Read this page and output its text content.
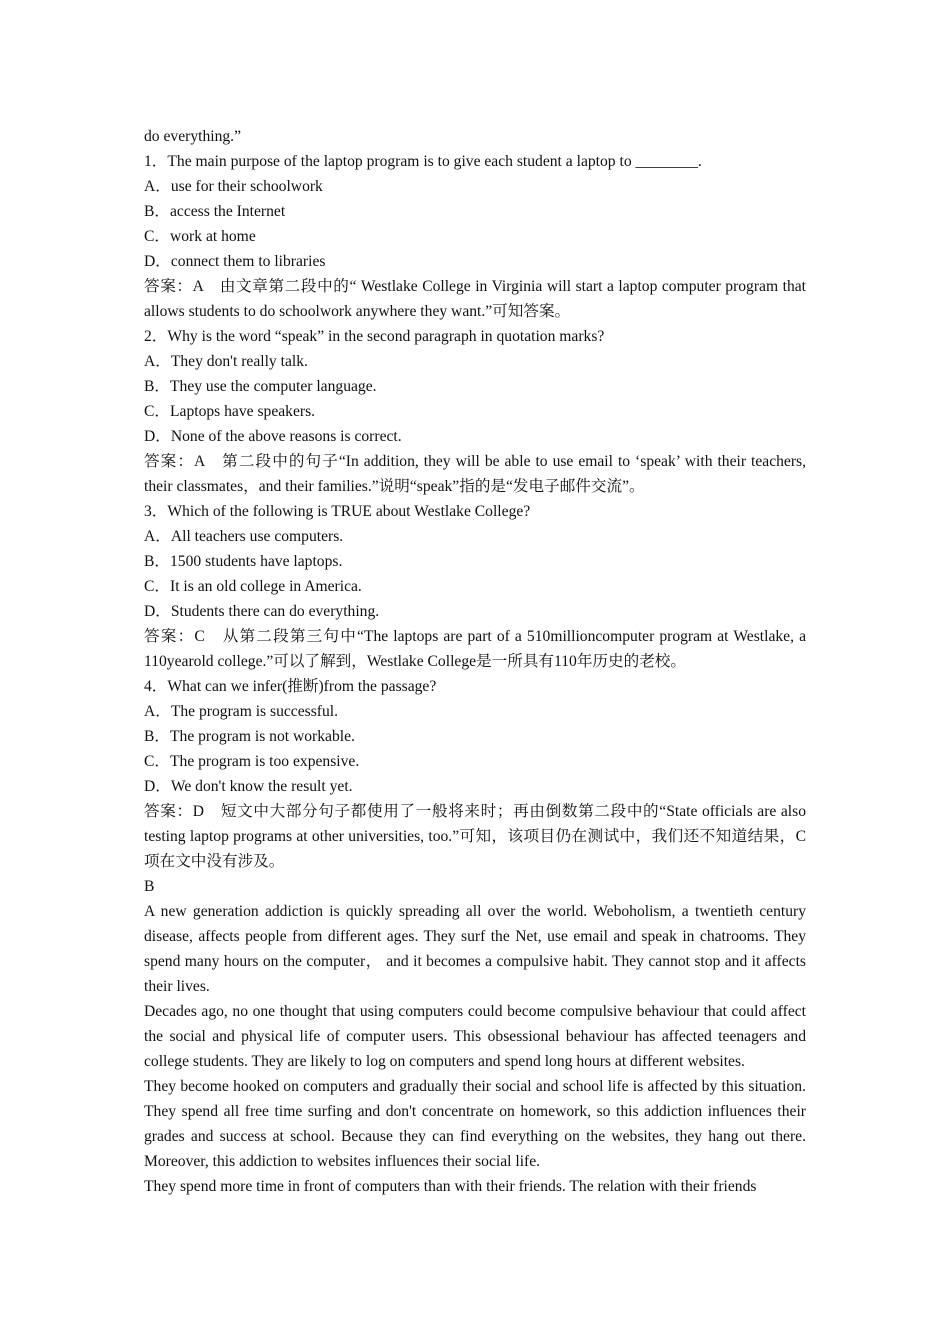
do everything.”

1．The main purpose of the laptop program is to give each student a laptop to ________.

A．use for their schoolwork

B．access the Internet

C．work at home

D．connect them to libraries

答案：A　由文章第二段中的“ Westlake College in Virginia will start a laptop computer program that allows students to do schoolwork anywhere they want.”可知答案。

2．Why is the word “speak” in the second paragraph in quotation marks?

A．They don't really talk.

B．They use the computer language.

C．Laptops have speakers.

D．None of the above reasons is correct.

答案：A　第二段中的句子“In addition, they will be able to use email to ‘speak’ with their teachers, their classmates，and their families.”说明“speak”指的是“发电子邮件交流”。

3．Which of the following is TRUE about Westlake College?

A．All teachers use computers.

B．1500 students have laptops.

C．It is an old college in America.

D．Students there can do everything.

答案：C　从第二段第三句中“The laptops are part of a 510millioncomputer program at Westlake, a 110yearold college.”可以了解到，Westlake College是一所具有110年历史的老校。

4．What can we infer(推断)from the passage?

A．The program is successful.

B．The program is not workable.

C．The program is too expensive.

D．We don't know the result yet.

答案：D　短文中大部分句子都使用了一般将来时；再由倒数第二段中的“State officials are also testing laptop programs at other universities, too.”可知，该项目仍在测试中，我们还不知道结果，C项在文中没有涉及。

B

A new generation addiction is quickly spreading all over the world. Weboholism, a twentieth century disease, affects people from different ages. They surf the Net, use email and speak in chatrooms. They spend many hours on the computer， and it becomes a compulsive habit. They cannot stop and it affects their lives.

Decades ago, no one thought that using computers could become compulsive behaviour that could affect the social and physical life of computer users. This obsessional behaviour has affected teenagers and college students. They are likely to log on computers and spend long hours at different websites.

They become hooked on computers and gradually their social and school life is affected by this situation. They spend all free time surfing and don't concentrate on homework, so this addiction influences their grades and success at school. Because they can find everything on the websites, they hang out there. Moreover, this addiction to websites influences their social life.

They spend more time in front of computers than with their friends. The relation with their friends
